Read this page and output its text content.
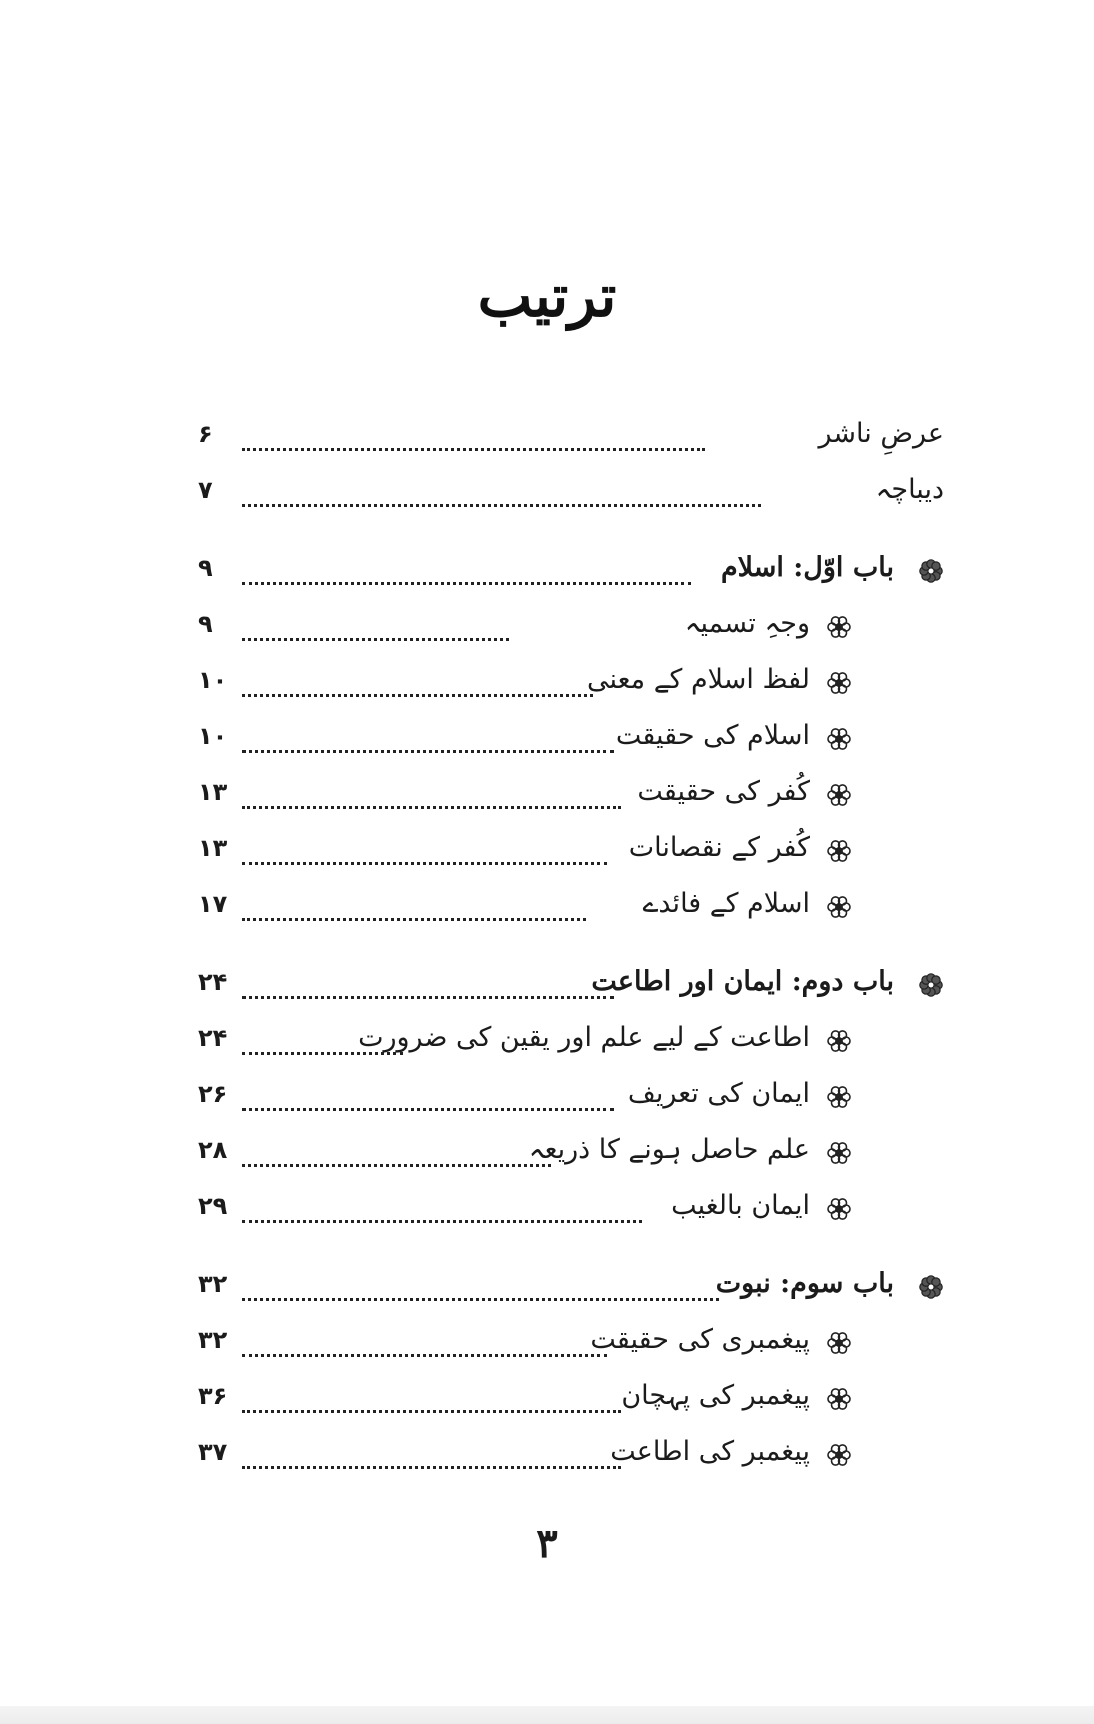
ترتیب
عرضِ ناشر
۶
دیباچہ
۷
باب اوّل: اسلام
۹
وجہِ تسمیہ
۹
لفظ اسلام کے معنی
۱۰
اسلام کی حقیقت
۱۰
کُفر کی حقیقت
۱۳
کُفر کے نقصانات
۱۳
اسلام کے فائدے
۱۷
باب دوم: ایمان اور اطاعت
۲۴
اطاعت کے لیے علم اور یقین کی ضرورت
۲۴
ایمان کی تعریف
۲۶
علم حاصل ہونے کا ذریعہ
۲۸
ایمان بالغیب
۲۹
باب سوم: نبوت
۳۲
پیغمبری کی حقیقت
۳۲
پیغمبر کی پہچان
۳۶
پیغمبر کی اطاعت
۳۷
۳
